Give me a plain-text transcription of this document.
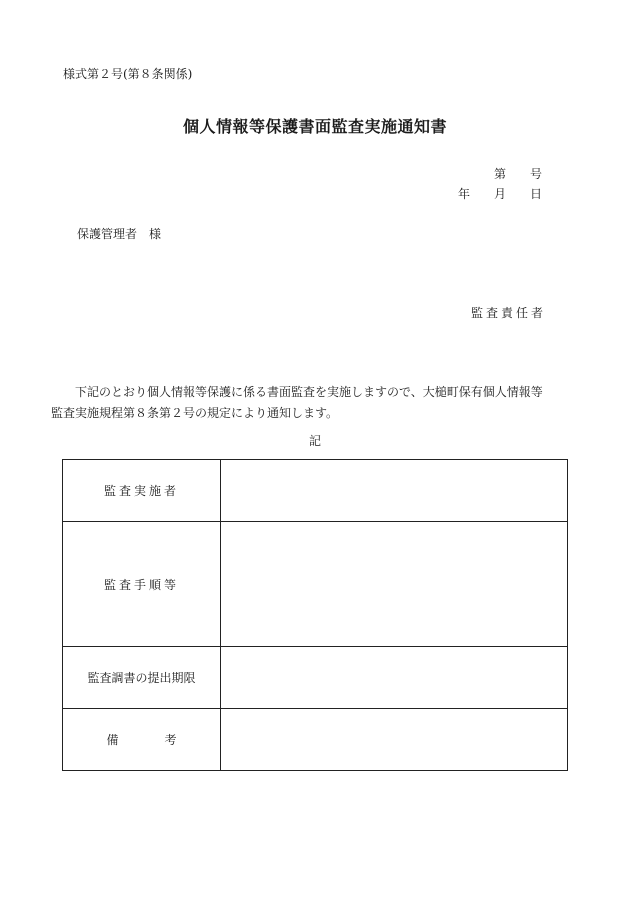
様式第２号(第８条関係)
個人情報等保護書面監査実施通知書
第 号
年 月 日
保護管理者　様
監査責任者
下記のとおり個人情報等保護に係る書面監査を実施しますので、大槌町保有個人情報等
監査実施規程第８条第２号の規定により通知します。
記
監査実施者	
監査手順等	
監査調書の提出期限	
備 考	
